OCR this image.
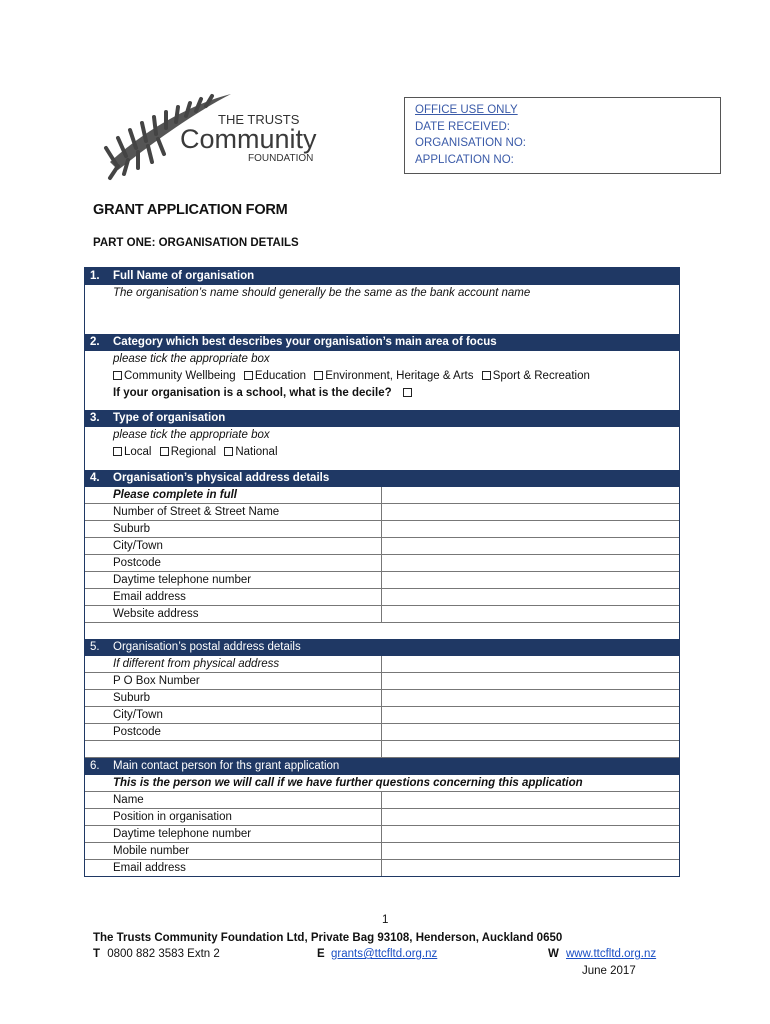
THE TRUSTS
Community
FOUNDATION
OFFICE USE ONLY
DATE RECEIVED:
ORGANISATION NO:
APPLICATION NO:
GRANT APPLICATION FORM
PART ONE: ORGANISATION DETAILS
1. Full Name of organisation
The organisation’s name should generally be the same as the bank account name
2. Category which best describes your organisation’s main area of focus
please tick the appropriate box
Community Wellbeing Education Environment, Heritage & Arts Sport & Recreation
If your organisation is a school, what is the decile?
3. Type of organisation
please tick the appropriate box
Local Regional National
4. Organisation’s physical address details
Please complete in full	
Number of Street & Street Name	
Suburb	
City/Town	
Postcode	
Daytime telephone number	
Email address	
Website address	

5. Organisation’s postal address details
If different from physical address	
P O Box Number	
Suburb	
City/Town	
Postcode	

6. Main contact person for ths grant application
This is the person we will call if we have further questions concerning this application	
Name	
Position in organisation	
Daytime telephone number	
Mobile number	
Email address	
1
The Trusts Community Foundation Ltd, Private Bag 93108, Henderson, Auckland 0650
T 0800 882 3583 Extn 2	E grants@ttcfltd.org.nz	W www.ttcfltd.org.nz
June 2017
